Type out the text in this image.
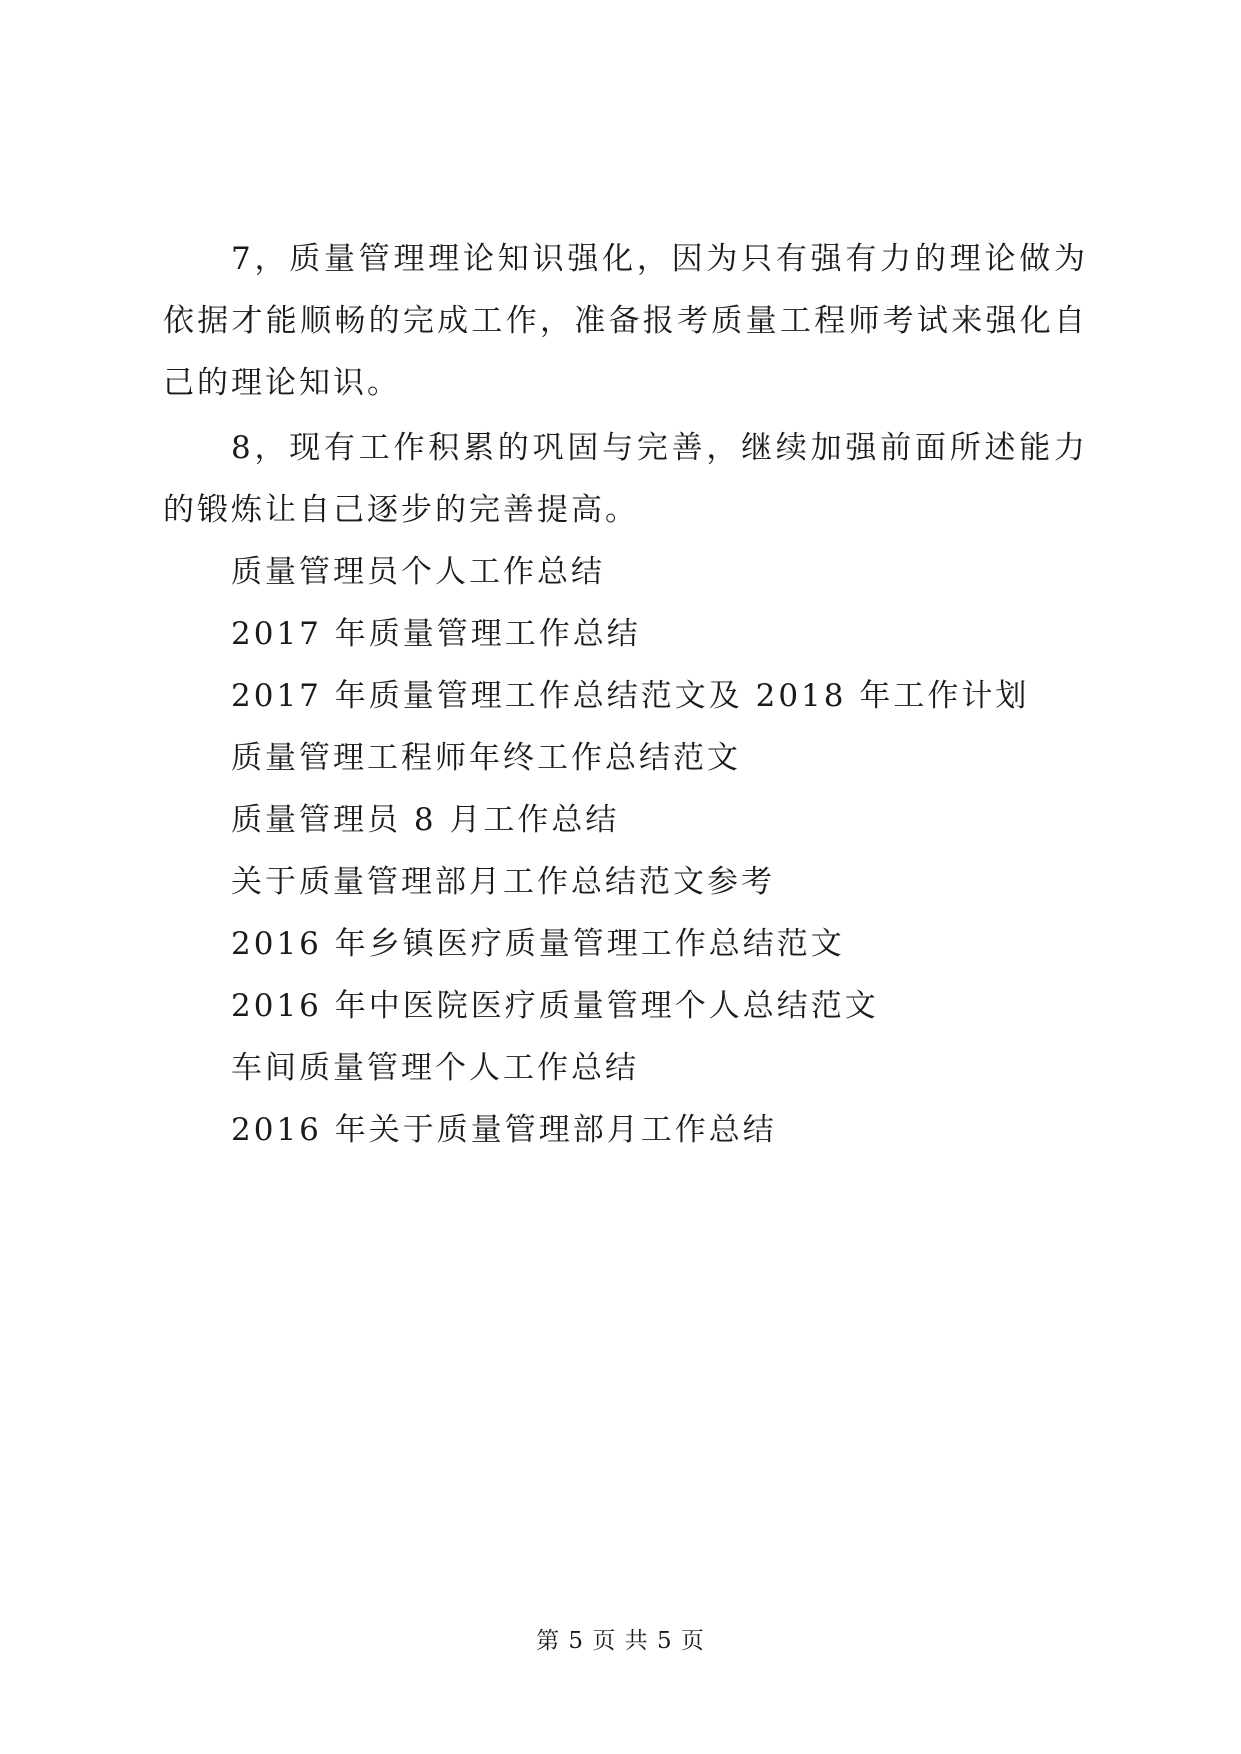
7，质量管理理论知识强化，因为只有强有力的理论做为依据才能顺畅的完成工作，准备报考质量工程师考试来强化自己的理论知识。

8，现有工作积累的巩固与完善，继续加强前面所述能力的锻炼让自己逐步的完善提高。

质量管理员个人工作总结
2017 年质量管理工作总结
2017 年质量管理工作总结范文及 2018 年工作计划
质量管理工程师年终工作总结范文
质量管理员 8 月工作总结
关于质量管理部月工作总结范文参考
2016 年乡镇医疗质量管理工作总结范文
2016 年中医院医疗质量管理个人总结范文
车间质量管理个人工作总结
2016 年关于质量管理部月工作总结
第 5 页 共 5 页
